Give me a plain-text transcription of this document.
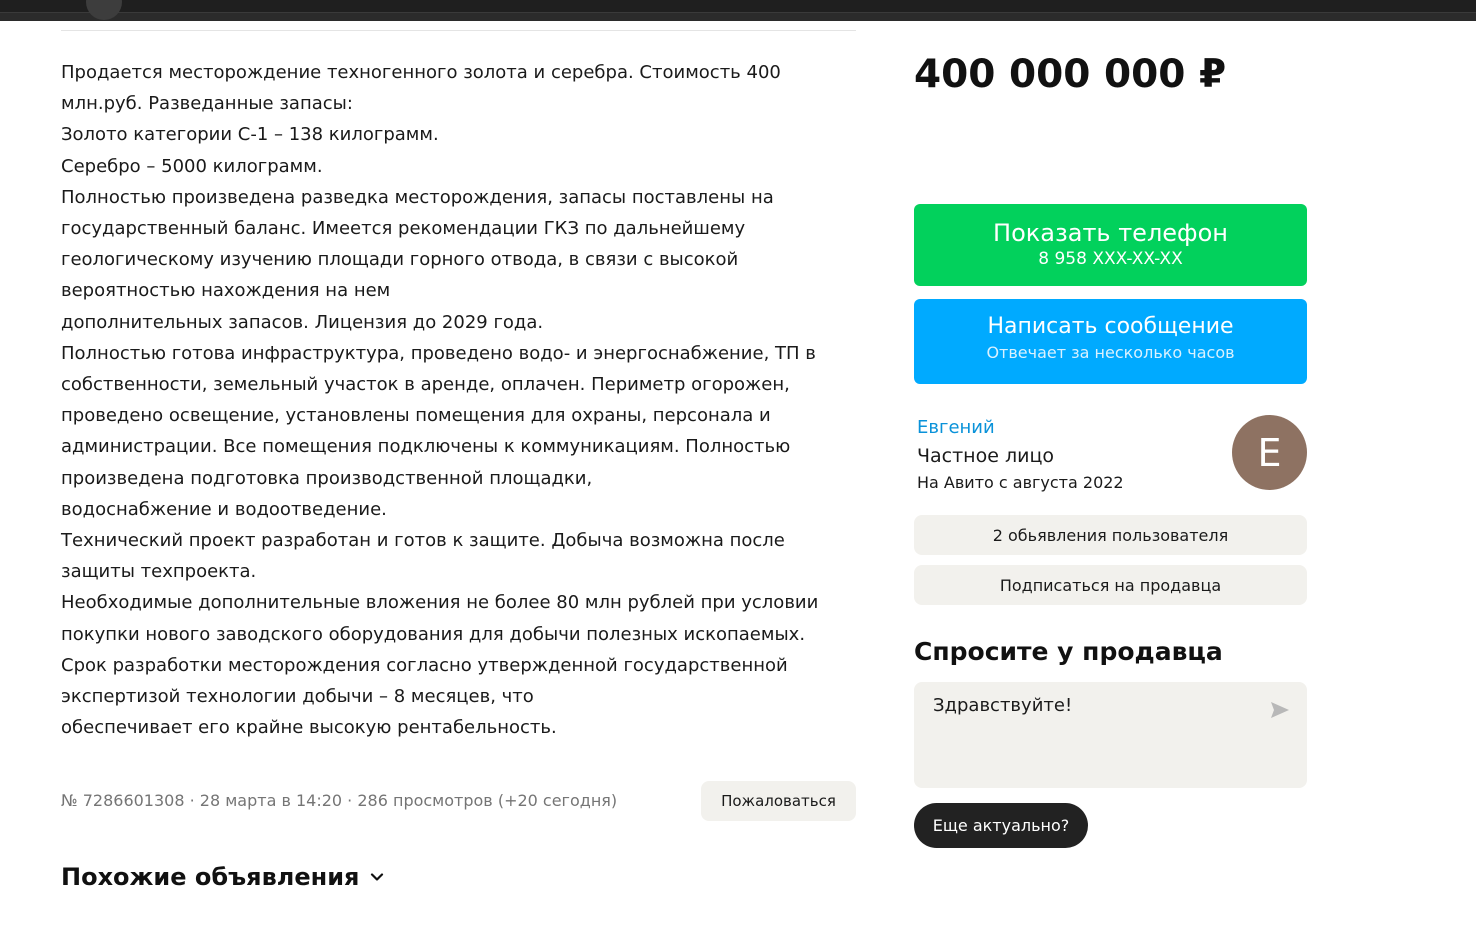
Продается месторождение техногенного золота и серебра. Стоимость 400

млн.руб. Разведанные запасы:

Золото категории С-1 – 138 килограмм.

Серебро – 5000 килограмм.

Полностью произведена разведка месторождения, запасы поставлены на

государственный баланс. Имеется рекомендации ГКЗ по дальнейшему

геологическому изучению площади горного отвода, в связи с высокой

вероятностью нахождения на нем

дополнительных запасов. Лицензия до 2029 года.

Полностью готова инфраструктура, проведено водо- и энергоснабжение, ТП в

собственности, земельный участок в аренде, оплачен. Периметр огорожен,

проведено освещение, установлены помещения для охраны, персонала и

администрации. Все помещения подключены к коммуникациям. Полностью

произведена подготовка производственной площадки,

водоснабжение и водоотведение.

Технический проект разработан и готов к защите. Добыча возможна после

защиты техпроекта.

Необходимые дополнительные вложения не более 80 млн рублей при условии

покупки нового заводского оборудования для добычи полезных ископаемых.

Срок разработки месторождения согласно утвержденной государственной

экспертизой технологии добычи – 8 месяцев, что

обеспечивает его крайне высокую рентабельность.

№ 7286601308 · 28 марта в 14:20 · 286 просмотров (+20 сегодня)	Пожаловаться
Похожие объявления
400 000 000 ₽
Показать телефон
8 958 XXX-XX-XX
Написать сообщение
Отвечает за несколько часов
Евгений
Частное лицо
На Авито с августа 2022
Е
2 обьявления пользователя
Подписаться на продавца
Спросите у продавца
Здравствуйте!
Еще актуально?
